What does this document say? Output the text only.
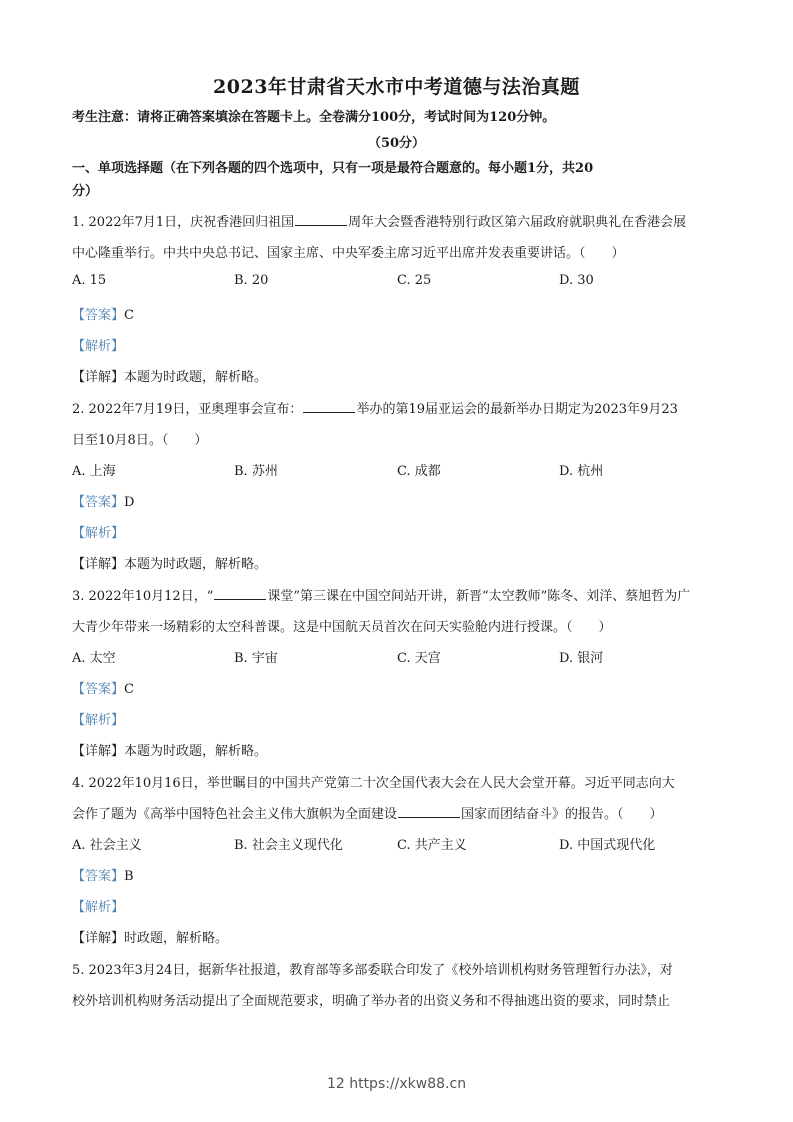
2023年甘肃省天水市中考道德与法治真题
考生注意：请将正确答案填涂在答题卡上。全卷满分100分，考试时间为120分钟。
（50分）
一、单项选择题（在下列各题的四个选项中，只有一项是最符合题意的。每小题1分，共20
分）
1. 2022年7月1日，庆祝香港回归祖国	周年大会暨香港特别行政区第六届政府就职典礼在香港会展
中心隆重举行。中共中央总书记、国家主席、中央军委主席习近平出席并发表重要讲话。（　　）
A. 15	B. 20	C. 25	D. 30
【答案】C
【解析】
【详解】本题为时政题，解析略。
2. 2022年7月19日，亚奥理事会宣布：	举办的第19届亚运会的最新举办日期定为2023年9月23
日至10月8日。（　　）
A. 上海	B. 苏州	C. 成都	D. 杭州
【答案】D
【解析】
【详解】本题为时政题，解析略。
3. 2022年10月12日，“	课堂”第三课在中国空间站开讲，新晋“太空教师”陈冬、刘洋、蔡旭哲为广
大青少年带来一场精彩的太空科普课。这是中国航天员首次在问天实验舱内进行授课。（　　）
A. 太空	B. 宇宙	C. 天宫	D. 银河
【答案】C
【解析】
【详解】本题为时政题，解析略。
4. 2022年10月16日，举世瞩目的中国共产党第二十次全国代表大会在人民大会堂开幕。习近平同志向大
会作了题为《高举中国特色社会主义伟大旗帜为全面建设	国家而团结奋斗》的报告。（　　）
A. 社会主义	B. 社会主义现代化	C. 共产主义	D. 中国式现代化
【答案】B
【解析】
【详解】时政题，解析略。
5. 2023年3月24日，据新华社报道，教育部等多部委联合印发了《校外培训机构财务管理暂行办法》，对
校外培训机构财务活动提出了全面规范要求，明确了举办者的出资义务和不得抽逃出资的要求，同时禁止
12 https://xkw88.cn
